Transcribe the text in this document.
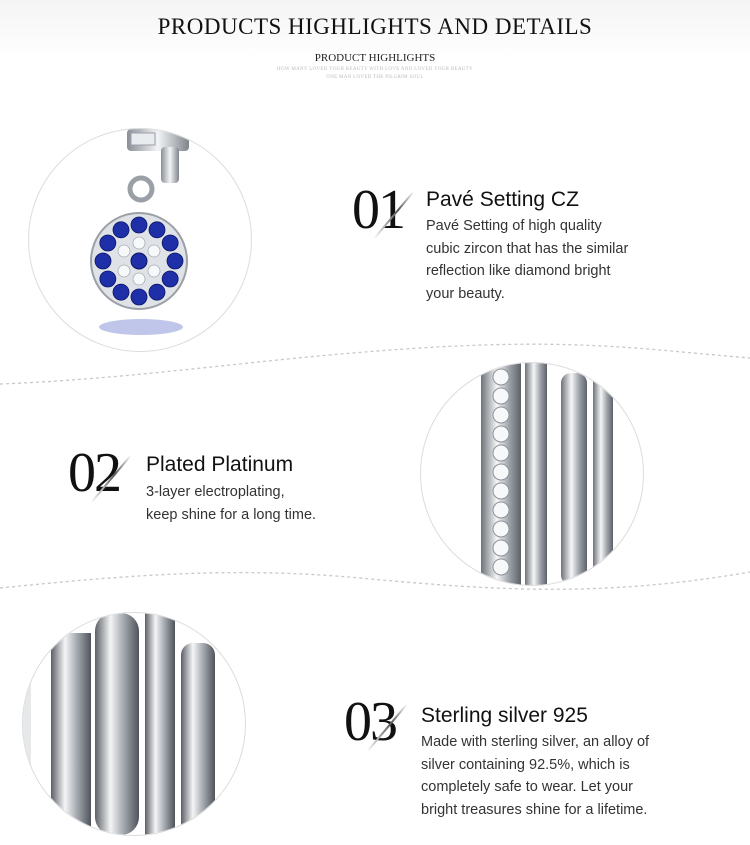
PRODUCTS HIGHLIGHTS AND DETAILS
PRODUCT HIGHLIGHTS
HOW MANY LOVED YOUR BEAUTY WITH LOVE AND LOVED YOUR BEAUTY
ONE MAN LOVED THE PILGRIM SOUL
01 Pavé Setting CZ
Pavé Setting of high quality
cubic zircon that has the similar
reflection like diamond bright
your beauty.
02 Plated Platinum
3-layer electroplating,
keep shine for a long time.
03 Sterling silver 925
Made with sterling silver, an alloy of
silver containing 92.5%, which is
completely safe to wear. Let your
bright treasures shine for a lifetime.
